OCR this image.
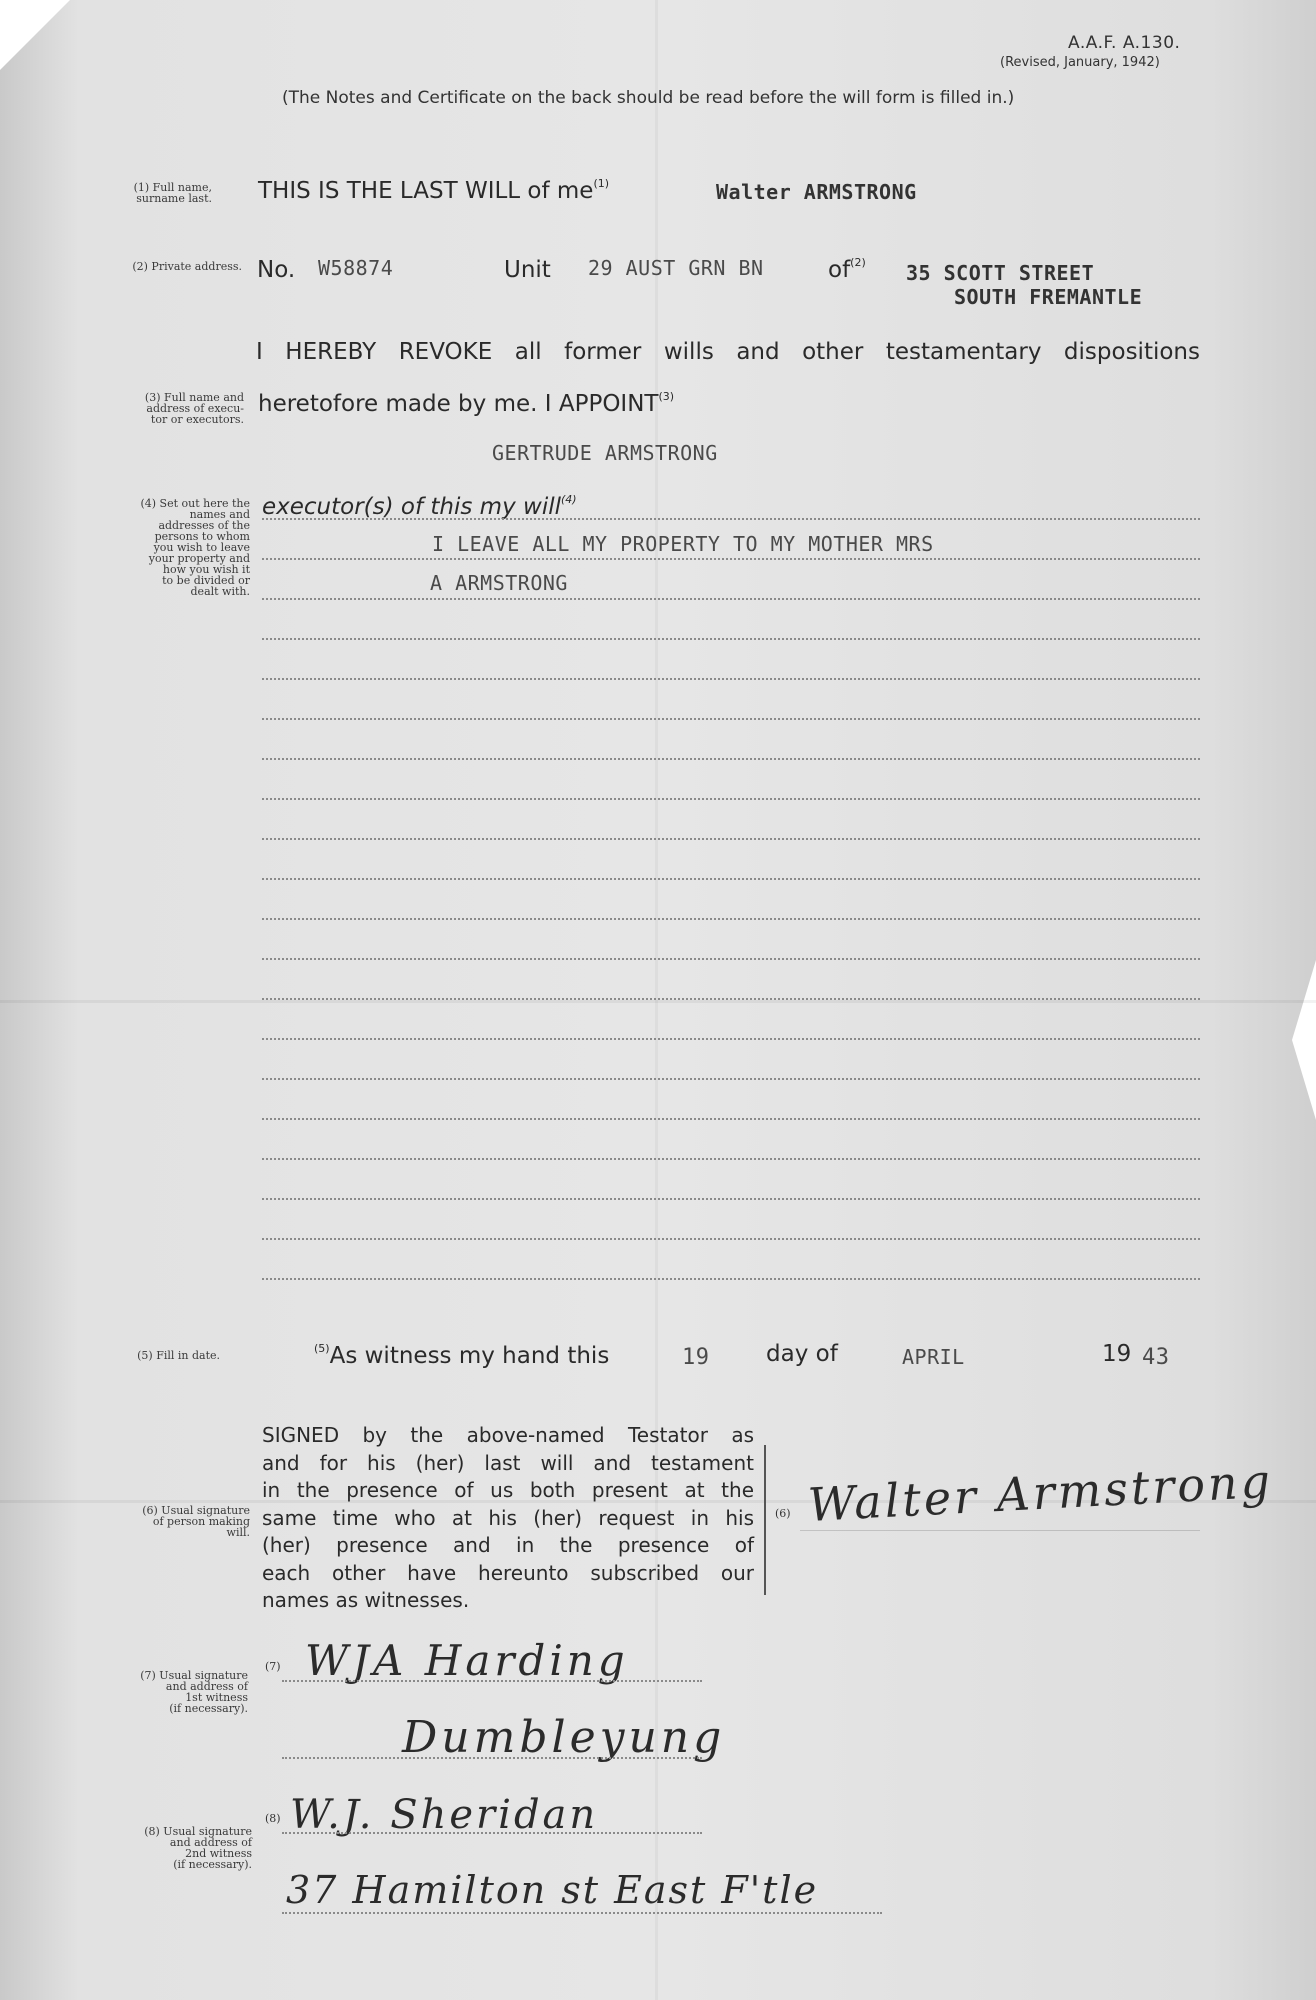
A.A.F. A.130.
(Revised, January, 1942)
(The Notes and Certificate on the back should be read before the will form is filled in.)
(1) Full name,
surname last.
(2) Private address.
(3) Full name and
address of execu-
tor or executors.
(4) Set out here the
names and
addresses of the
persons to whom
you wish to leave
your property and
how you wish it
to be divided or
dealt with.
(5) Fill in date.
(6) Usual signature
of person making
will.
(7) Usual signature
and address of
1st witness
(if necessary).
(8) Usual signature
and address of
2nd witness
(if necessary).
THIS IS THE LAST WILL of $me^{(1)}$	Walter ARMSTRONG
No. W58874	Unit 29 AUST GRN BN	$of^{(2)}$ 35 SCOTT STREET
SOUTH FREMANTLE
I HEREBY REVOKE all former wills and other testamentary dispositions
heretofore made by me. I APPOINT$^{(3)}$
GERTRUDE ARMSTRONG
executor(s) of this my will$^{(4)}$
I LEAVE ALL MY PROPERTY TO MY MOTHER MRS
A ARMSTRONG
$^{(5)}$As witness my hand this	19 day of	APRIL	19 43
SIGNED by the above-named Testator as
and for his (her) last will and testament
in the presence of us both present at the
same time who at his (her) request in his
(her) presence and in the presence of
each other have hereunto subscribed our
names as witnesses.
(6) Walter Armstrong
(7) WJA Harding
Dumbleyung
(8) W.J. Sheridan
37 Hamilton st East F'tle
